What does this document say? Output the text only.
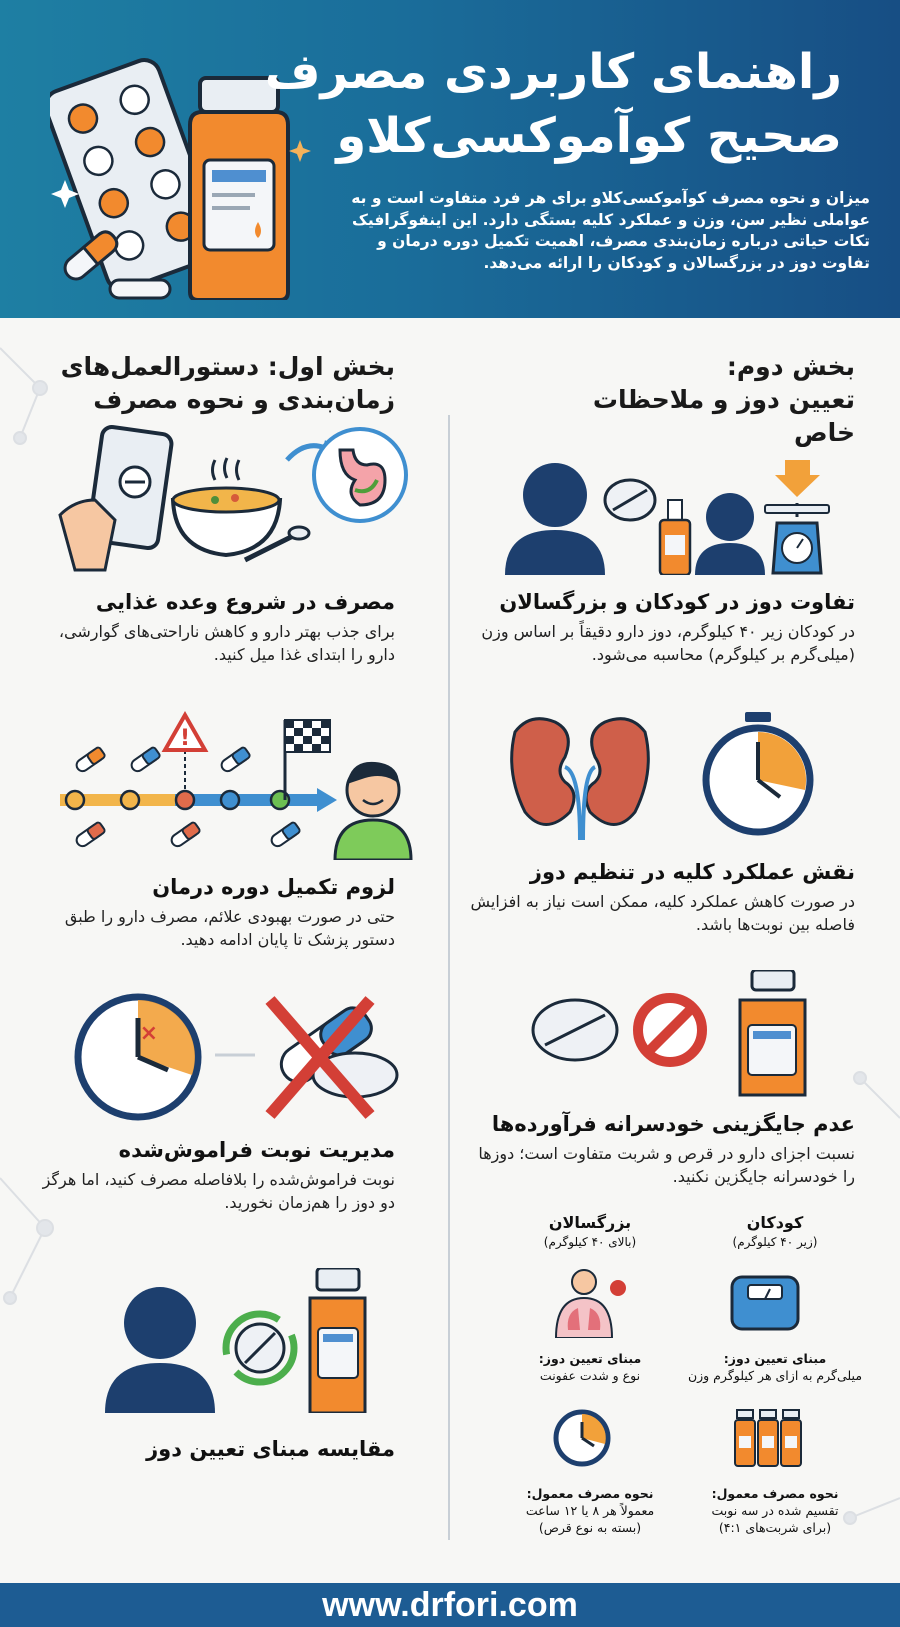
راهنمای کاربردی مصرف
صحیح کوآموکسی‌کلاو
میزان و نحوه مصرف کوآموکسی‌کلاو برای هر فرد متفاوت است و به عواملی نظیر سن، وزن و عملکرد کلیه بستگی دارد. این اینفوگرافیک تکات حیاتی درباره زمان‌بندی مصرف، اهمیت تکمیل دوره درمان و تفاوت دوز در بزرگسالان و کودکان را ارائه می‌دهد.
بخش اول: دستورالعمل‌های
زمان‌بندی و نحوه مصرف
بخش دوم:
تعیین دوز و ملاحظات خاص
مصرف در شروع وعده غذایی
برای جذب بهتر دارو و کاهش ناراحتی‌های گوارشی، دارو را ابتدای غذا میل کنید.
!
لزوم تکمیل دوره درمان
حتی در صورت بهبودی علائم، مصرف دارو را طبق دستور پزشک تا پایان ادامه دهید.
×
مدیریت نوبت فراموش‌شده
نوبت فراموش‌شده را بلافاصله مصرف کنید، اما هرگز دو دوز را هم‌زمان نخورید.
مقایسه مبنای تعیین دوز
تفاوت دوز در کودکان و بزرگسالان
در کودکان زیر ۴۰ کیلوگرم، دوز دارو دقیقاً بر اساس وزن (میلی‌گرم بر کیلوگرم) محاسبه می‌شود.
نقش عملکرد کلیه در تنظیم دوز
در صورت کاهش عملکرد کلیه، ممکن است نیاز به افزایش فاصله بین نوبت‌ها باشد.
عدم جایگزینی خودسرانه فرآورده‌ها
نسبت اجزای دارو در قرص و شربت متفاوت است؛ دوزها را خودسرانه جایگزین نکنید.
بزرگسالان
(بالای ۴۰ کیلوگرم)
کودکان
(زیر ۴۰ کیلوگرم)
مبنای تعیین دوز:
نوع و شدت عفونت
مبنای تعیین دوز:
میلی‌گرم به ازای هر کیلوگرم وزن
نحوه مصرف معمول:
معمولاً هر ۸ یا ۱۲ ساعت
(بسته به نوع قرص)
نحوه مصرف معمول:
تقسیم شده در سه نوبت
(برای شربت‌های ۴:۱)
www.drfori.com
